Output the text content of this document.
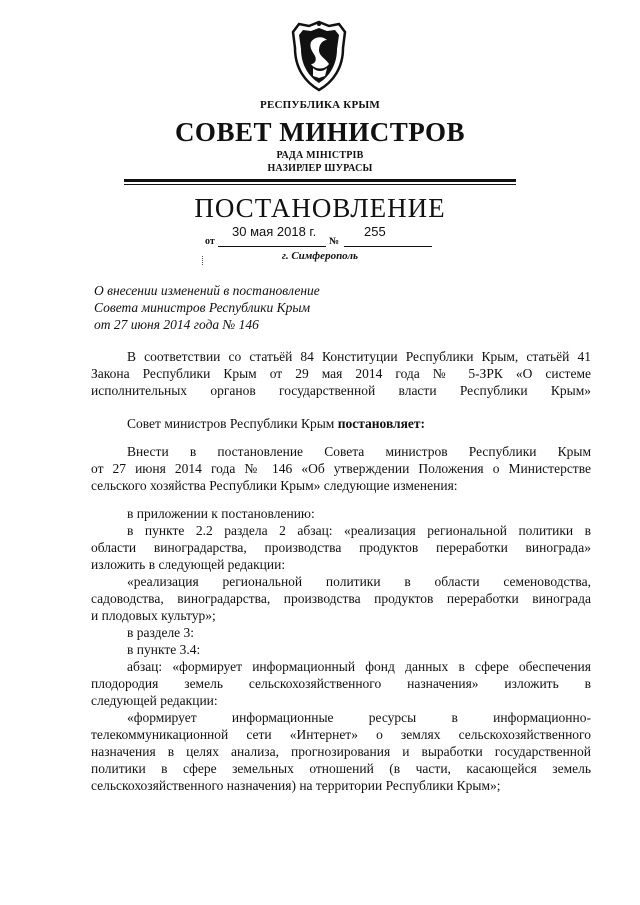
РЕСПУБЛИКА КРЫМ
СОВЕТ МИНИСТРОВ
РАДА МІНІСТРІВ
НАЗИРЛЕР ШУРАСЫ
ПОСТАНОВЛЕНИЕ
30 мая 2018 г.	255
от	№
г. Симферополь
О внесении изменений в постановление
Совета министров Республики Крым
от 27 июня 2014 года № 146

В соответствии со статьёй 84 Конституции Республики Крым, статьёй 41

Закона Республики Крым от 29 мая 2014 года № 5-ЗРК «О системе

исполнительных органов государственной власти Республики Крым»

Совет министров Республики Крым постановляет:

Внести в постановление Совета министров Республики Крым

от 27 июня 2014 года № 146 «Об утверждении Положения о Министерстве

сельского хозяйства Республики Крым» следующие изменения:

в приложении к постановлению:

в пункте 2.2 раздела 2 абзац: «реализация региональной политики в

области виноградарства, производства продуктов переработки винограда»

изложить в следующей редакции:

«реализация региональной политики в области семеноводства,

садоводства, виноградарства, производства продуктов переработки винограда

и плодовых культур»;

в разделе 3:

в пункте 3.4:

абзац: «формирует информационный фонд данных в сфере обеспечения

плодородия земель сельскохозяйственного назначения» изложить в

следующей редакции:

«формирует информационные ресурсы в информационно-

телекоммуникационной сети «Интернет» о землях сельскохозяйственного

назначения в целях анализа, прогнозирования и выработки государственной

политики в сфере земельных отношений (в части, касающейся земель

сельскохозяйственного назначения) на территории Республики Крым»;
